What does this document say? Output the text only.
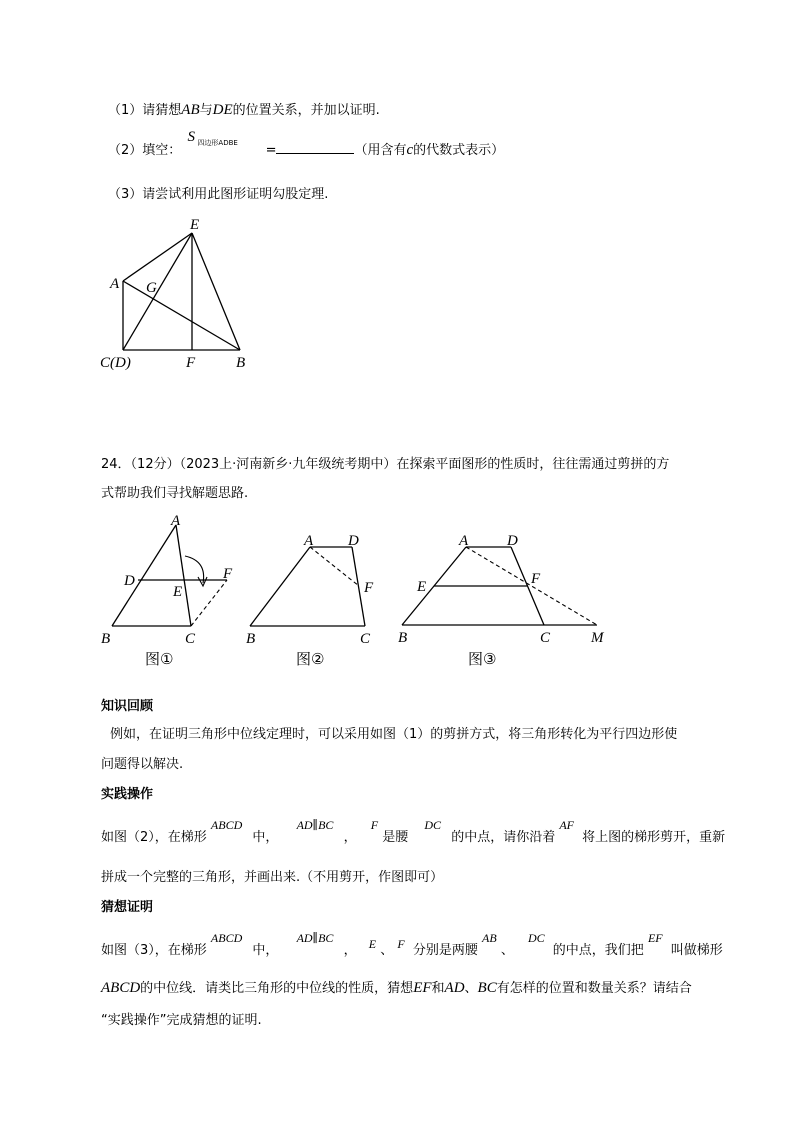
（1）请猜想AB与DE的位置关系，并加以证明.
（2）填空：
S 四边形ADBE =	（用含有c的代数式表示）
（3）请尝试利用此图形证明勾股定理.
E
A G
C(D)	F	B
24．（12分）（2023上·河南新乡·九年级统考期中）在探索平面图形的性质时，往往需通过剪拼的方
式帮助我们寻找解题思路.
A
D
E
F
B	C
图①
A D
F
B	C
图②
A	D
E	F
B	C	M
图③
知识回顾
例如，在证明三角形中位线定理时，可以采用如图（1）的剪拼方式，将三角形转化为平行四边形使
问题得以解决.
实践操作
如图（2），在梯形 ABCD 中， AD∥BC ， F 是腰 DC 的中点，请你沿着 AF 将上图的梯形剪开，重新
拼成一个完整的三角形，并画出来.（不用剪开，作图即可）
猜想证明
如图（3），在梯形 ABCD 中， AD∥BC ， E 、 F 分别是两腰 AB 、 DC 的中点，我们把 EF 叫做梯形
ABCD的中位线．请类比三角形的中位线的性质，猜想EF和AD、BC有怎样的位置和数量关系？请结合
“实践操作”完成猜想的证明.
